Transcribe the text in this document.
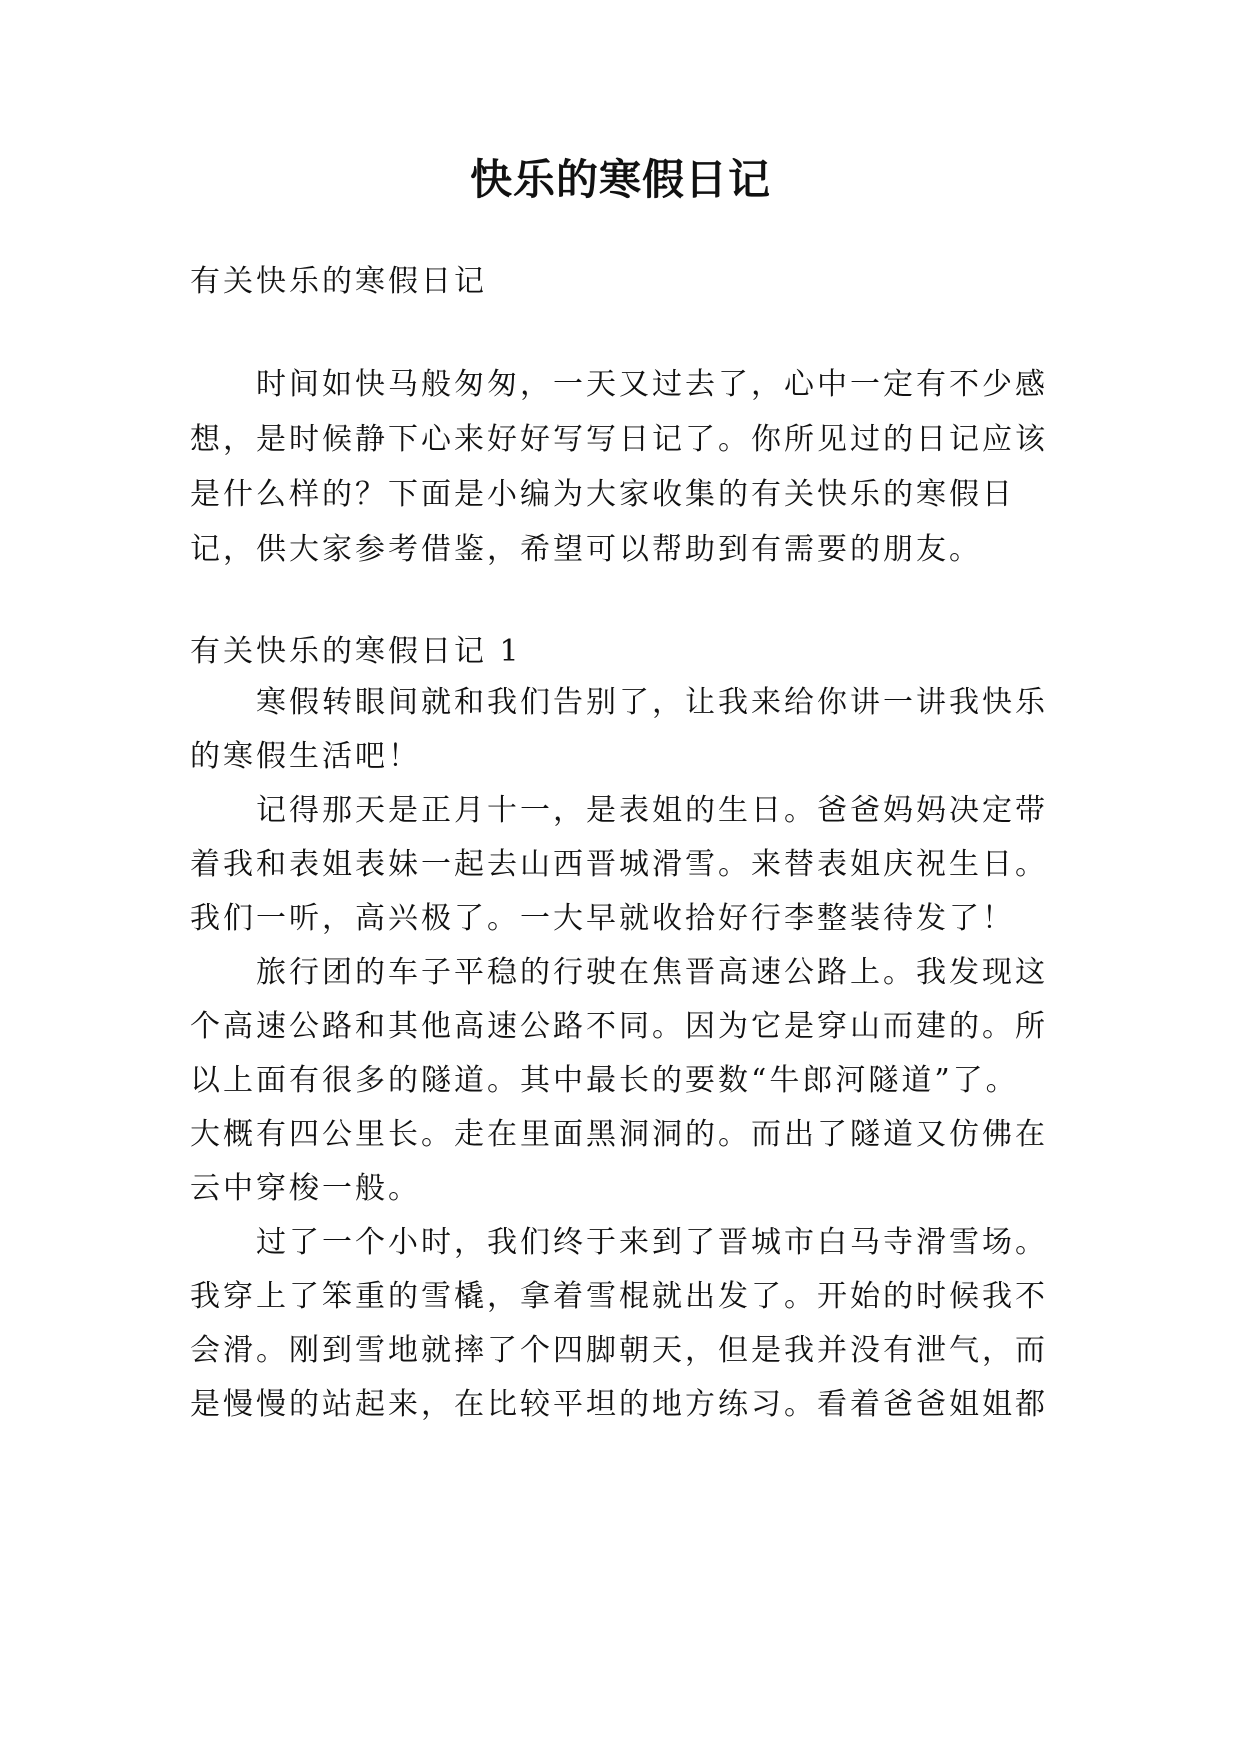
快乐的寒假日记
有关快乐的寒假日记
时间如快马般匆匆，一天又过去了，心中一定有不少感
想，是时候静下心来好好写写日记了。你所见过的日记应该
是什么样的？下面是小编为大家收集的有关快乐的寒假日
记，供大家参考借鉴，希望可以帮助到有需要的朋友。
有关快乐的寒假日记 1
寒假转眼间就和我们告别了，让我来给你讲一讲我快乐
的寒假生活吧！
记得那天是正月十一，是表姐的生日。爸爸妈妈决定带
着我和表姐表妹一起去山西晋城滑雪。来替表姐庆祝生日。
我们一听，高兴极了。一大早就收拾好行李整装待发了！
旅行团的车子平稳的行驶在焦晋高速公路上。我发现这
个高速公路和其他高速公路不同。因为它是穿山而建的。所
以上面有很多的隧道。其中最长的要数“牛郎河隧道”了。
大概有四公里长。走在里面黑洞洞的。而出了隧道又仿佛在
云中穿梭一般。
过了一个小时，我们终于来到了晋城市白马寺滑雪场。
我穿上了笨重的雪橇，拿着雪棍就出发了。开始的时候我不
会滑。刚到雪地就摔了个四脚朝天，但是我并没有泄气，而
是慢慢的站起来，在比较平坦的地方练习。看着爸爸姐姐都
